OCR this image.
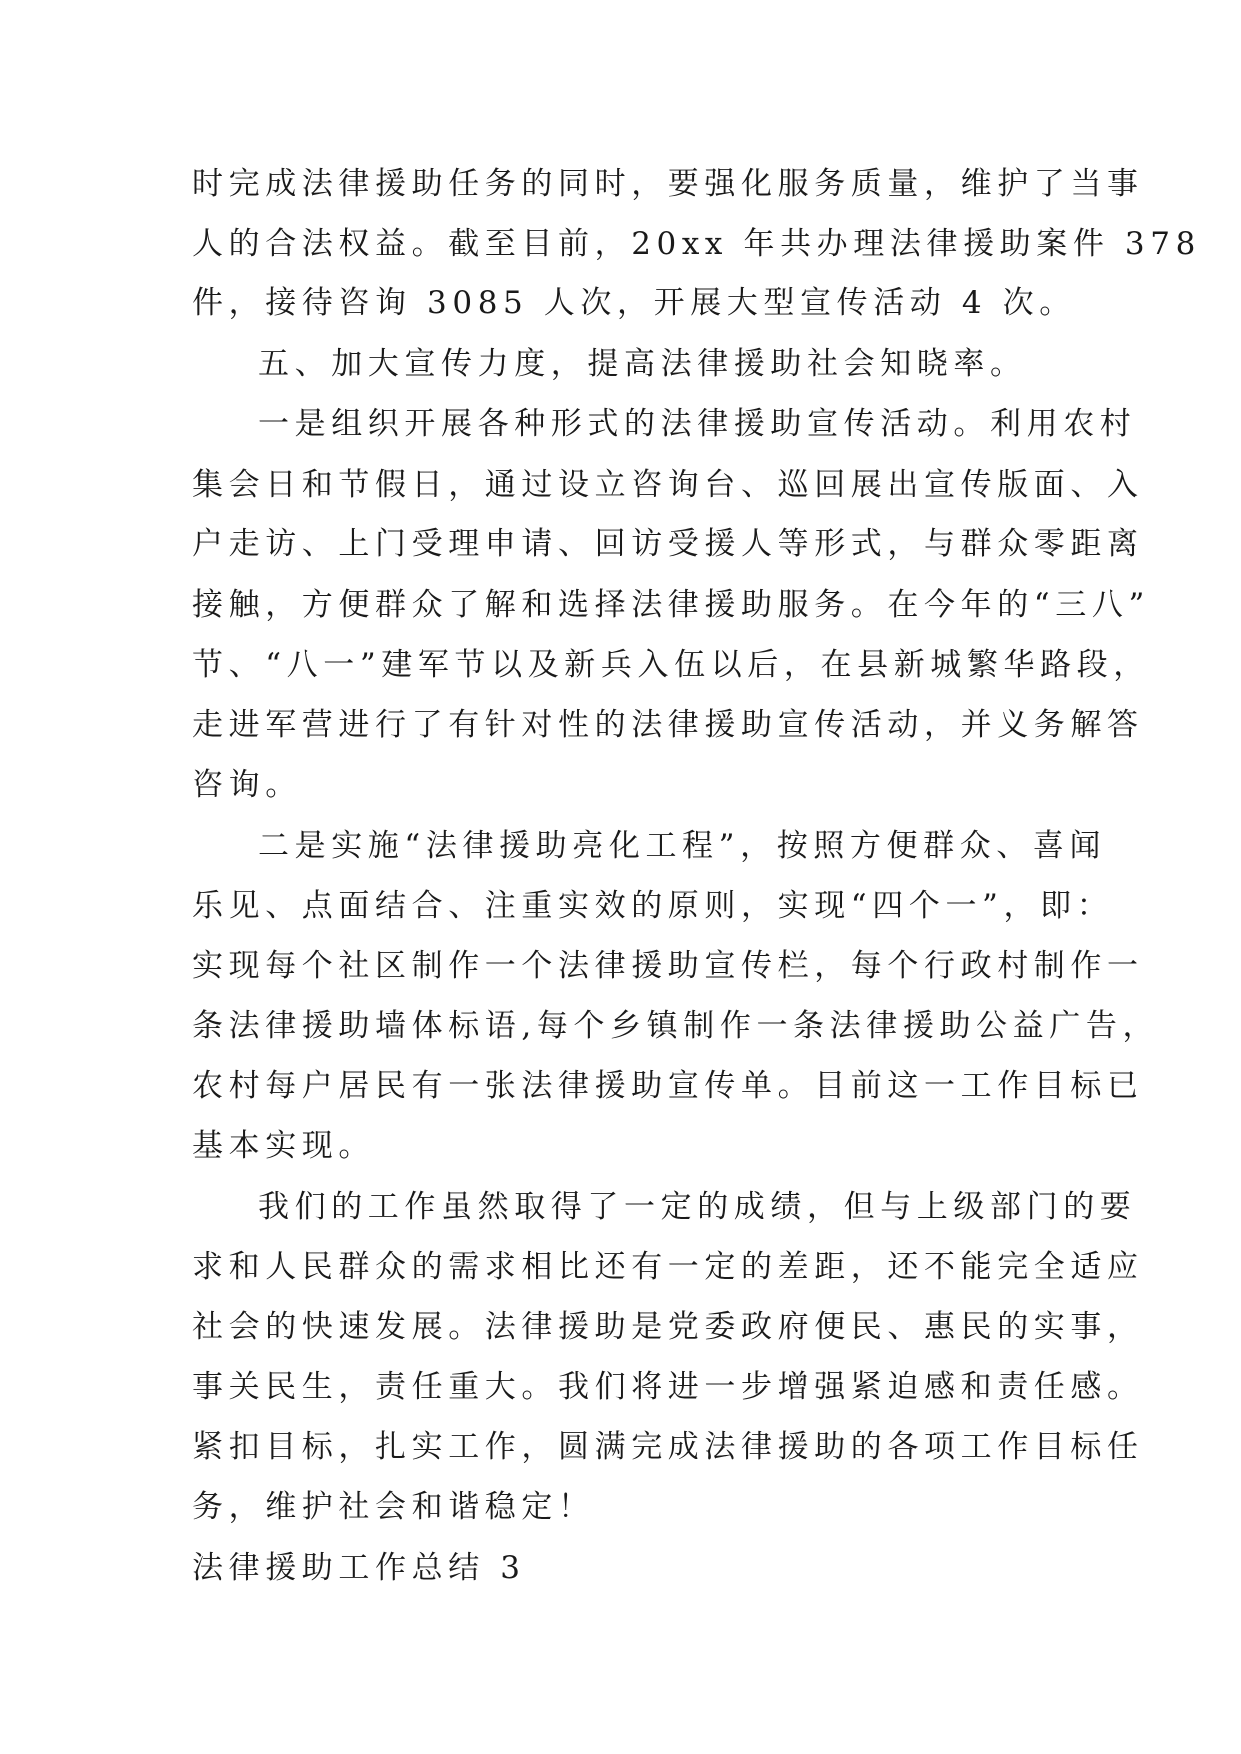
时完成法律援助任务的同时，要强化服务质量，维护了当事
人的合法权益。截至目前，20xx 年共办理法律援助案件 378
件，接待咨询 3085 人次，开展大型宣传活动 4 次。
五、加大宣传力度，提高法律援助社会知晓率。
一是组织开展各种形式的法律援助宣传活动。利用农村
集会日和节假日，通过设立咨询台、巡回展出宣传版面、入
户走访、上门受理申请、回访受援人等形式，与群众零距离
接触，方便群众了解和选择法律援助服务。在今年的“三八”
节、“八一”建军节以及新兵入伍以后，在县新城繁华路段，
走进军营进行了有针对性的法律援助宣传活动，并义务解答
咨询。
二是实施“法律援助亮化工程”，按照方便群众、喜闻
乐见、点面结合、注重实效的原则，实现“四个一”，即：
实现每个社区制作一个法律援助宣传栏，每个行政村制作一
条法律援助墙体标语,每个乡镇制作一条法律援助公益广告，
农村每户居民有一张法律援助宣传单。目前这一工作目标已
基本实现。
我们的工作虽然取得了一定的成绩，但与上级部门的要
求和人民群众的需求相比还有一定的差距，还不能完全适应
社会的快速发展。法律援助是党委政府便民、惠民的实事，
事关民生，责任重大。我们将进一步增强紧迫感和责任感。
紧扣目标，扎实工作，圆满完成法律援助的各项工作目标任
务，维护社会和谐稳定！
法律援助工作总结 3
